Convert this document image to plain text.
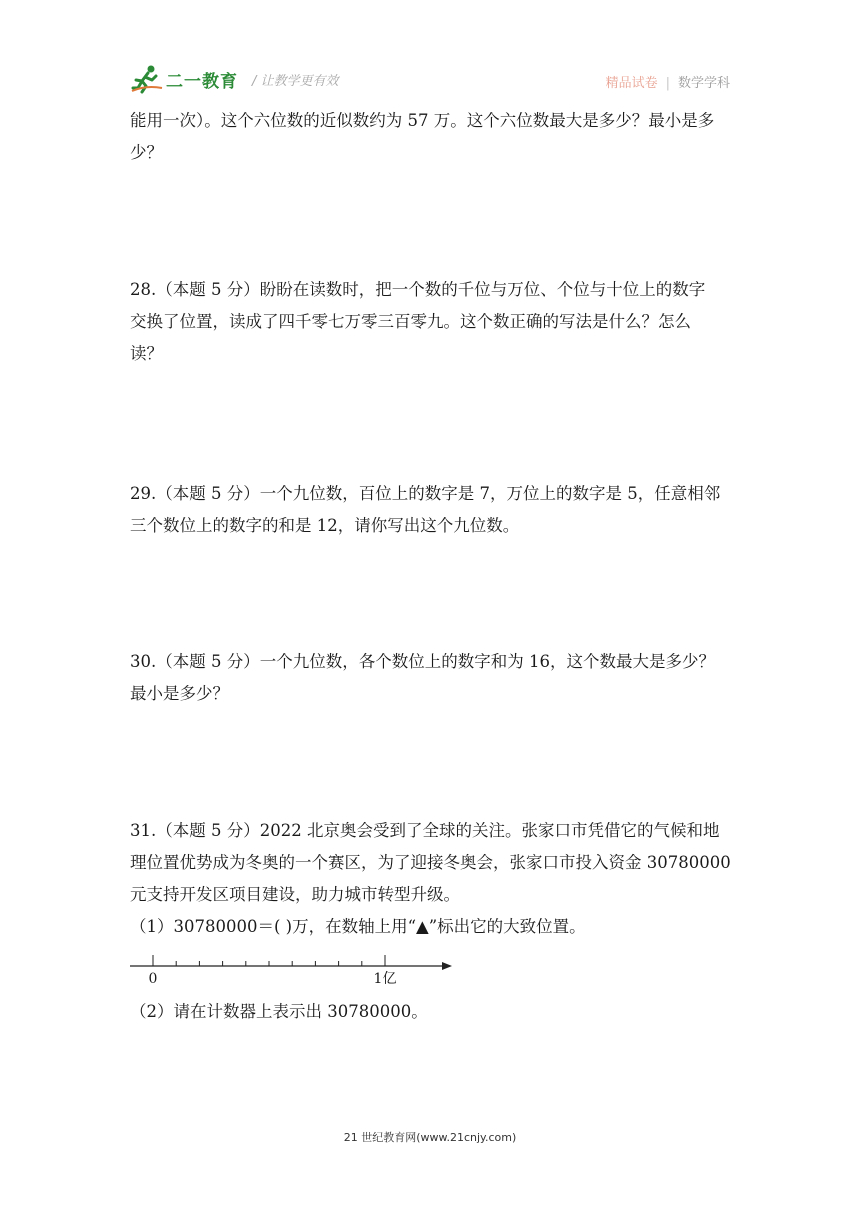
二一教育 / 让教学更有效	精品试卷 | 数学学科

能用一次）。这个六位数的近似数约为 57 万。这个六位数最大是多少？最小是多
少？

28.（本题 5 分）盼盼在读数时，把一个数的千位与万位、个位与十位上的数字
交换了位置，读成了四千零七万零三百零九。这个数正确的写法是什么？怎么
读？

29.（本题 5 分）一个九位数，百位上的数字是 7，万位上的数字是 5，任意相邻
三个数位上的数字的和是 12，请你写出这个九位数。

30.（本题 5 分）一个九位数，各个数位上的数字和为 16，这个数最大是多少？
最小是多少？

31.（本题 5 分）2022 北京奥会受到了全球的关注。张家口市凭借它的气候和地
理位置优势成为冬奥的一个赛区，为了迎接冬奥会，张家口市投入资金 30780000
元支持开发区项目建设，助力城市转型升级。
（1）30780000＝( )万，在数轴上用“▲”标出它的大致位置。

0	1亿

（2）请在计数器上表示出 30780000。

21 世纪教育网(www.21cnjy.com)
